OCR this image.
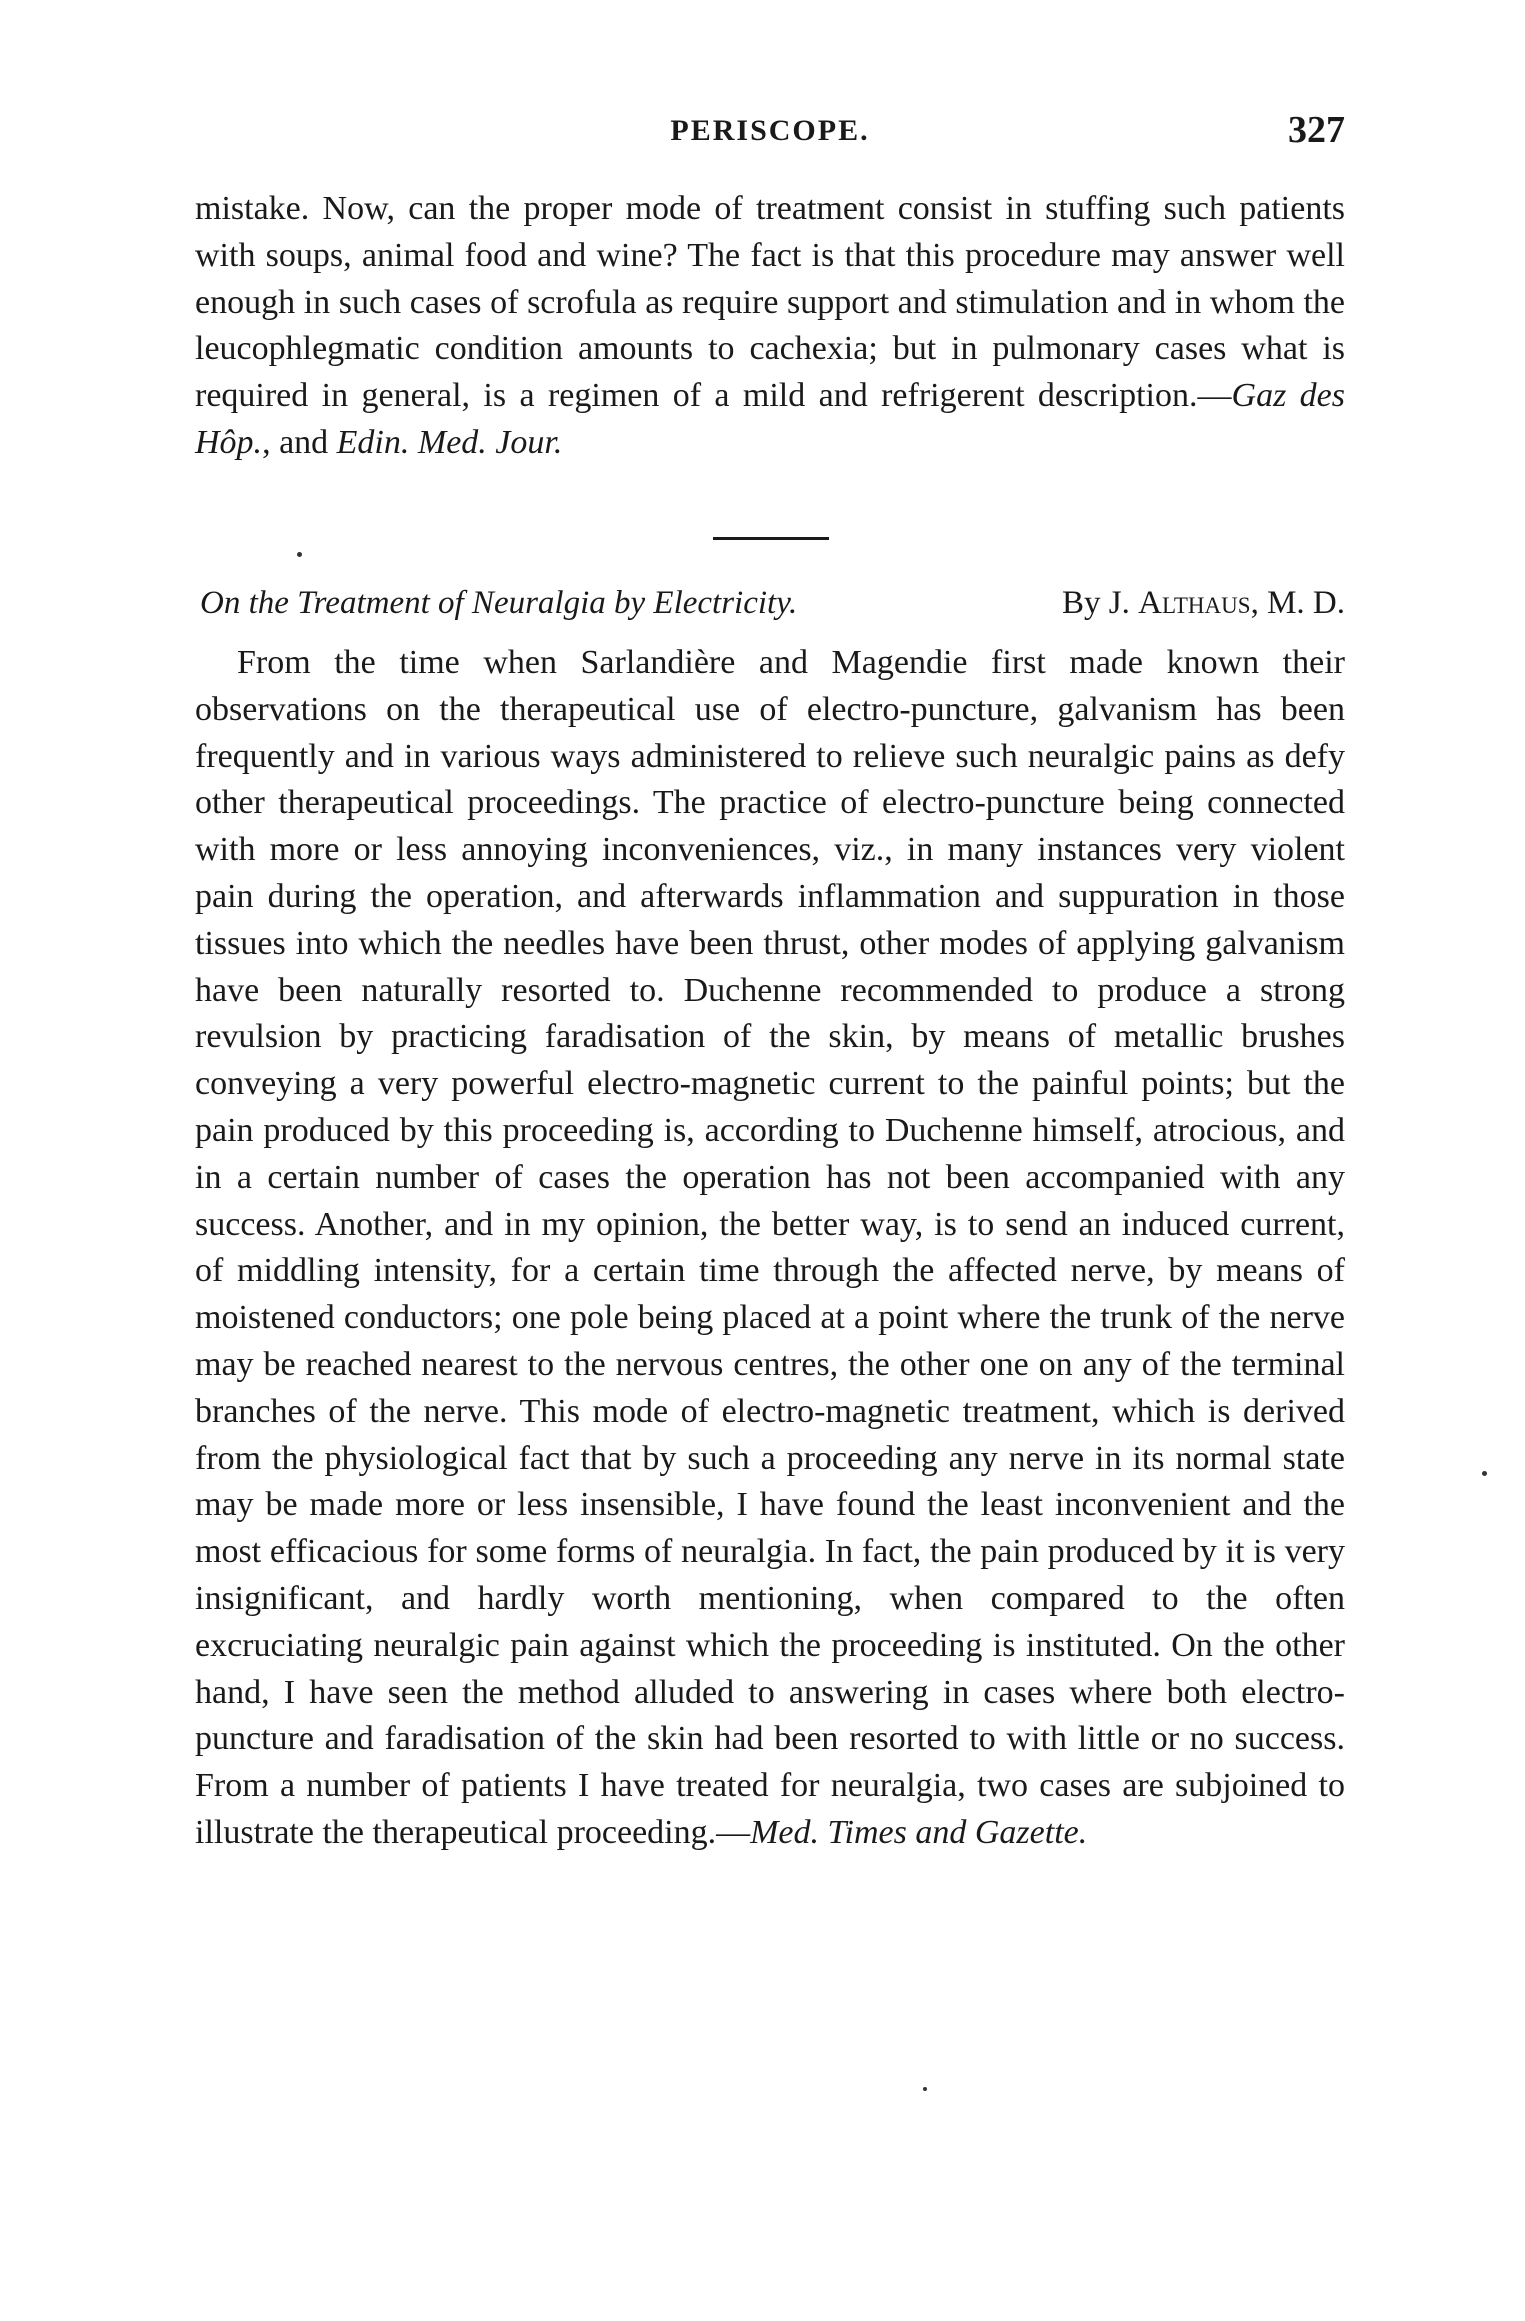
PERISCOPE.	327

mistake. Now, can the proper mode of treatment consist in stuffing such patients with soups, animal food and wine? The fact is that this procedure may answer well enough in such cases of scrofula as require support and stimulation and in whom the leucophlegmatic condition amounts to cachexia; but in pulmonary cases what is required in general, is a regimen of a mild and refrigerent description.—Gaz des Hôp., and Edin. Med. Jour.

On the Treatment of Neuralgia by Electricity.	By J. Althaus, M. D.

From the time when Sarlandière and Magendie first made known their observations on the therapeutical use of electro-puncture, galvanism has been frequently and in various ways administered to relieve such neuralgic pains as defy other therapeutical proceedings. The practice of electro-puncture being connected with more or less annoying inconveniences, viz., in many instances very violent pain during the operation, and afterwards inflammation and suppuration in those tissues into which the needles have been thrust, other modes of applying galvanism have been naturally resorted to. Duchenne recommended to produce a strong revulsion by practicing faradisation of the skin, by means of metallic brushes conveying a very powerful electro-magnetic current to the painful points; but the pain produced by this proceeding is, according to Duchenne himself, atrocious, and in a certain number of cases the operation has not been accompanied with any success. Another, and in my opinion, the better way, is to send an induced current, of middling intensity, for a certain time through the affected nerve, by means of moistened conductors; one pole being placed at a point where the trunk of the nerve may be reached nearest to the nervous centres, the other one on any of the terminal branches of the nerve. This mode of electro-magnetic treatment, which is derived from the physiological fact that by such a proceeding any nerve in its normal state may be made more or less insensible, I have found the least inconvenient and the most efficacious for some forms of neuralgia. In fact, the pain produced by it is very insignificant, and hardly worth mentioning, when compared to the often excruciating neuralgic pain against which the proceeding is instituted. On the other hand, I have seen the method alluded to answering in cases where both electro-puncture and faradisation of the skin had been resorted to with little or no success. From a number of patients I have treated for neuralgia, two cases are subjoined to illustrate the therapeutical proceeding.—Med. Times and Gazette.
